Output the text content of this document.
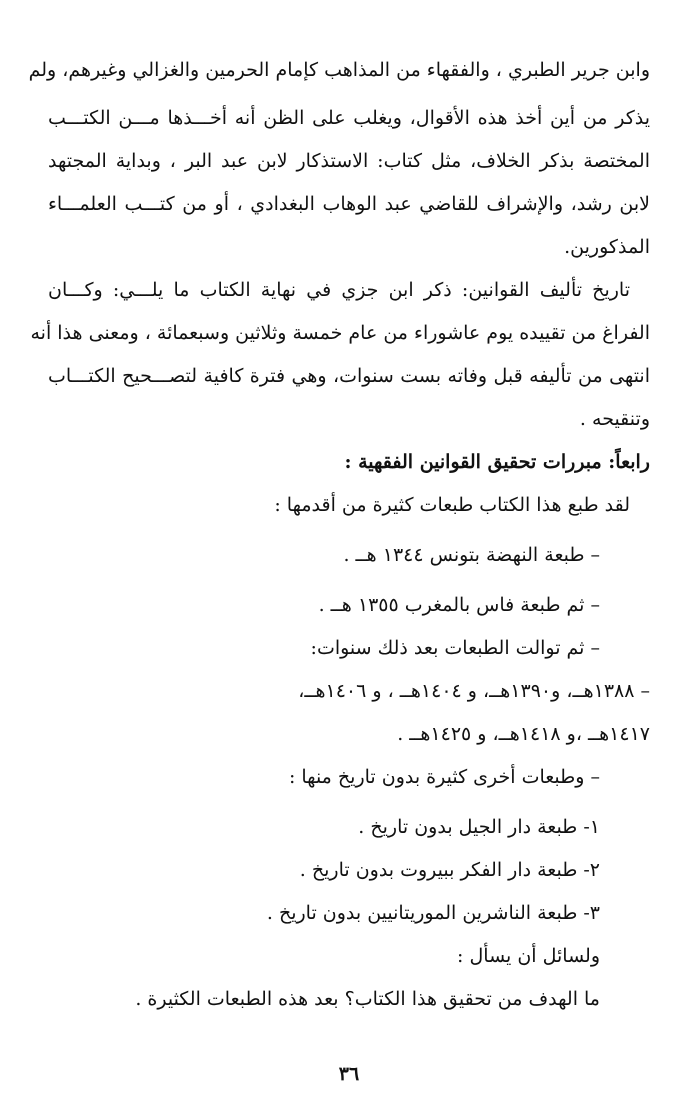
وابن جرير الطبري ، والفقهاء من المذاهب كإمام الحرمين والغزالي وغيرهم، ولم
يذكر من أين أخذ هذه الأقوال، ويغلب على الظن أنه أخـــذها مـــن الكتـــب
المختصة بذكر الخلاف، مثل كتاب: الاستذكار لابن عبد البر ، وبداية المجتهد
لابن رشد، والإشراف للقاضي عبد الوهاب البغدادي ، أو من كتـــب العلمـــاء
المذكورين.
تاريخ تأليف القوانين: ذكر ابن جزي في نهاية الكتاب ما يلـــي: وكـــان
الفراغ من تقييده يوم عاشوراء من عام خمسة وثلاثين وسبعمائة ، ومعنى هذا أنه
انتهى من تأليفه قبل وفاته بست سنوات، وهي فترة كافية لتصـــحيح الكتـــاب
وتنقيحه .
رابعاً: مبررات تحقيق القوانين الفقهية :
لقد طبع هذا الكتاب طبعات كثيرة من أقدمها :
– طبعة النهضة بتونس ١٣٤٤ هــ .
– ثم طبعة فاس بالمغرب ١٣٥٥ هــ .
– ثم توالت الطبعات بعد ذلك سنوات:
– ١٣٨٨هــ، و١٣٩٠هــ، و ١٤٠٤هــ ، و ١٤٠٦هــ،
١٤١٧هــ ،و ١٤١٨هــ، و ١٤٢٥هــ .
– وطبعات أخرى كثيرة بدون تاريخ منها :
١- طبعة دار الجيل بدون تاريخ .
٢- طبعة دار الفكر ببيروت بدون تاريخ .
٣- طبعة الناشرين الموريتانيين بدون تاريخ .
ولسائل أن يسأل :
ما الهدف من تحقيق هذا الكتاب؟ بعد هذه الطبعات الكثيرة .
٣٦
